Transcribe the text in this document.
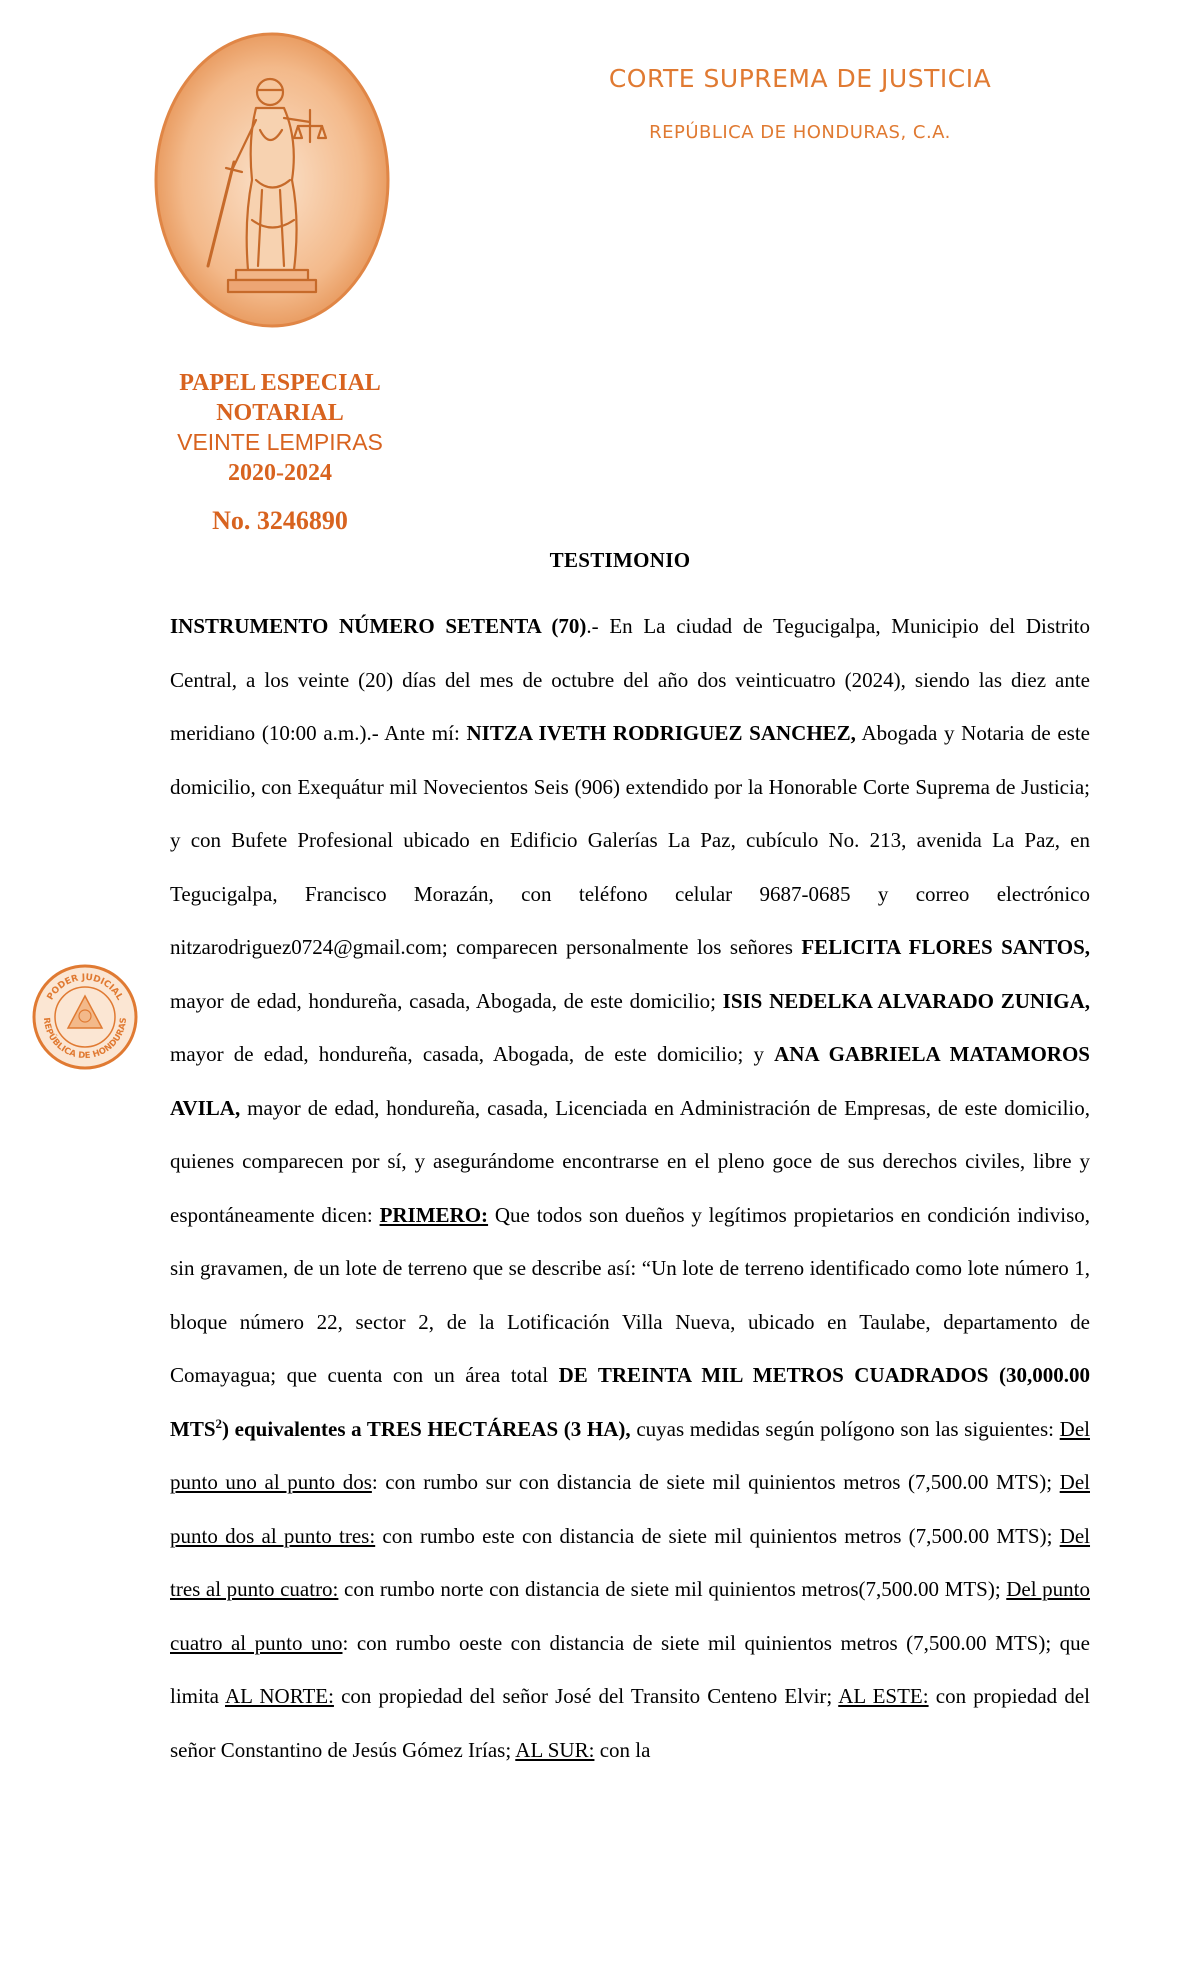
CORTE SUPREMA DE JUSTICIA
REPÚBLICA DE HONDURAS, C.A.
PAPEL ESPECIAL
NOTARIAL
VEINTE LEMPIRAS
2020-2024
No. 3246890
PODER JUDICIAL
REPÚBLICA DE HONDURAS
TESTIMONIO

INSTRUMENTO NÚMERO SETENTA (70).- En La ciudad de Tegucigalpa, Municipio del Distrito Central, a los veinte (20) días del mes de octubre del año dos veinticuatro (2024), siendo las diez ante meridiano (10:00 a.m.).- Ante mí: NITZA IVETH RODRIGUEZ SANCHEZ, Abogada y Notaria de este domicilio, con Exequátur mil Novecientos Seis (906) extendido por la Honorable Corte Suprema de Justicia; y con Bufete Profesional ubicado en Edificio Galerías La Paz, cubículo No. 213, avenida La Paz, en Tegucigalpa, Francisco Morazán, con teléfono celular 9687-0685 y correo electrónico nitzarodriguez0724@gmail.com; comparecen personalmente los señores FELICITA FLORES SANTOS, mayor de edad, hondureña, casada, Abogada, de este domicilio; ISIS NEDELKA ALVARADO ZUNIGA, mayor de edad, hondureña, casada, Abogada, de este domicilio; y ANA GABRIELA MATAMOROS AVILA, mayor de edad, hondureña, casada, Licenciada en Administración de Empresas, de este domicilio, quienes comparecen por sí, y asegurándome encontrarse en el pleno goce de sus derechos civiles, libre y espontáneamente dicen: PRIMERO: Que todos son dueños y legítimos propietarios en condición indiviso, sin gravamen, de un lote de terreno que se describe así: “Un lote de terreno identificado como lote número 1, bloque número 22, sector 2, de la Lotificación Villa Nueva, ubicado en Taulabe, departamento de Comayagua; que cuenta con un área total DE TREINTA MIL METROS CUADRADOS (30,000.00 MTS$^2$) equivalentes a TRES HECTÁREAS (3 HA), cuyas medidas según polígono son las siguientes: Del punto uno al punto dos: con rumbo sur con distancia de siete mil quinientos metros (7,500.00 MTS); Del punto dos al punto tres: con rumbo este con distancia de siete mil quinientos metros (7,500.00 MTS); Del tres al punto cuatro: con rumbo norte con distancia de siete mil quinientos metros(7,500.00 MTS); Del punto cuatro al punto uno: con rumbo oeste con distancia de siete mil quinientos metros (7,500.00 MTS); que limita AL NORTE: con propiedad del señor José del Transito Centeno Elvir; AL ESTE: con propiedad del señor Constantino de Jesús Gómez Irías; AL SUR: con la
